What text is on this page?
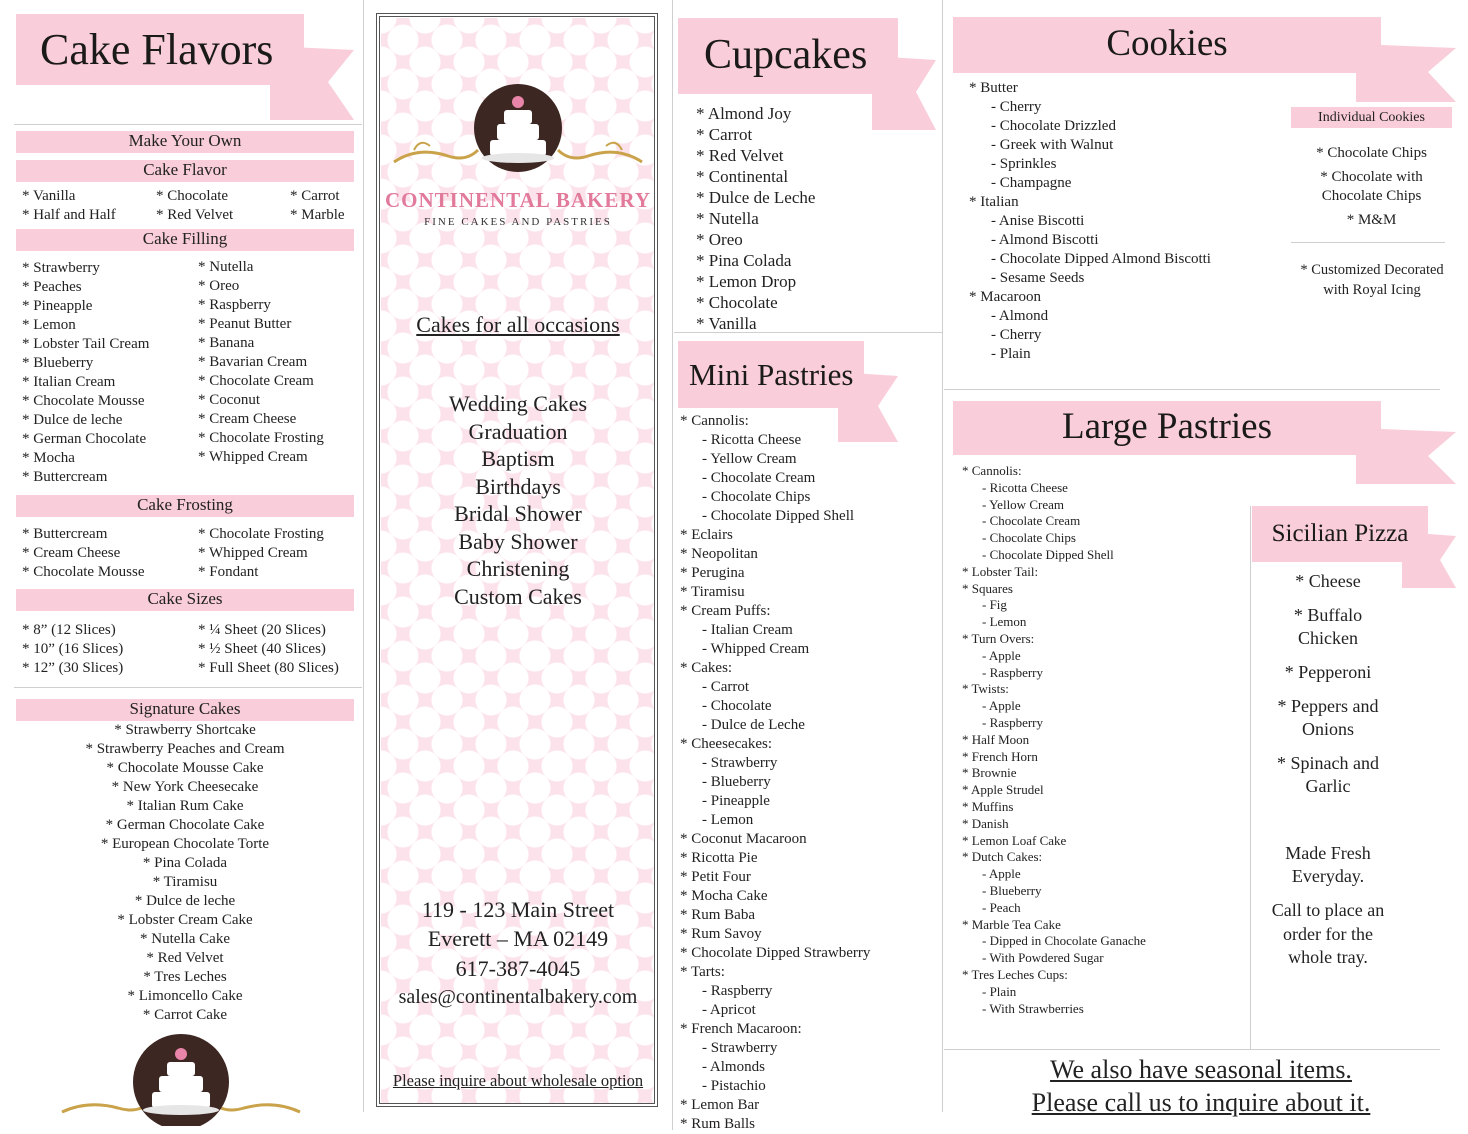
Cake Flavors
Make Your Own
Cake Flavor
* Vanilla
* Half and Half
* Chocolate
* Red Velvet
* Carrot
* Marble
Cake Filling
* Strawberry
* Peaches
* Pineapple
* Lemon
* Lobster Tail Cream
* Blueberry
* Italian Cream
* Chocolate Mousse
* Dulce de leche
* German Chocolate
* Mocha
* Buttercream
* Nutella
* Oreo
* Raspberry
* Peanut Butter
* Banana
* Bavarian Cream
* Chocolate Cream
* Coconut
* Cream Cheese
* Chocolate Frosting
* Whipped Cream
Cake Frosting
* Buttercream
* Cream Cheese
* Chocolate Mousse
* Chocolate Frosting
* Whipped Cream
* Fondant
Cake Sizes
* 8” (12 Slices)
* 10” (16 Slices)
* 12” (30 Slices)
* ¼ Sheet (20 Slices)
* ½ Sheet (40 Slices)
* Full Sheet (80 Slices)
Signature Cakes
* Strawberry Shortcake
* Strawberry Peaches and Cream
* Chocolate Mousse Cake
* New York Cheesecake
* Italian Rum Cake
* German Chocolate Cake
* European Chocolate Torte
* Pina Colada
* Tiramisu
* Dulce de leche
* Lobster Cream Cake
* Nutella Cake
* Red Velvet
* Tres Leches
* Limoncello Cake
* Carrot Cake
CONTINENTAL BAKERY
FINE CAKES AND PASTRIES
Cakes for all occasions
Wedding Cakes
Graduation
Baptism
Birthdays
Bridal Shower
Baby Shower
Christening
Custom Cakes
119 - 123 Main Street
Everett – MA 02149
617-387-4045
sales@continentalbakery.com
Please inquire about wholesale option
Cupcakes
* Almond Joy
* Carrot
* Red Velvet
* Continental
* Dulce de Leche
* Nutella
* Oreo
* Pina Colada
* Lemon Drop
* Chocolate
* Vanilla
Mini Pastries
* Cannolis:
- Ricotta Cheese
- Yellow Cream
- Chocolate Cream
- Chocolate Chips
- Chocolate Dipped Shell
* Eclairs
* Neopolitan
* Perugina
* Tiramisu
* Cream Puffs:
- Italian Cream
- Whipped Cream
* Cakes:
- Carrot
- Chocolate
- Dulce de Leche
* Cheesecakes:
- Strawberry
- Blueberry
- Pineapple
- Lemon
* Coconut Macaroon
* Ricotta Pie
* Petit Four
* Mocha Cake
* Rum Baba
* Rum Savoy
* Chocolate Dipped Strawberry
* Tarts:
- Raspberry
- Apricot
* French Macaroon:
- Strawberry
- Almonds
- Pistachio
* Lemon Bar
* Rum Balls
Cookies
* Butter
- Cherry
- Chocolate Drizzled
- Greek with Walnut
- Sprinkles
- Champagne
* Italian
- Anise Biscotti
- Almond Biscotti
- Chocolate Dipped Almond Biscotti
- Sesame Seeds
* Macaroon
- Almond
- Cherry
- Plain
Individual Cookies
* Chocolate Chips
* Chocolate with
Chocolate Chips
* M&M
* Customized Decorated
with Royal Icing
Large Pastries
* Cannolis:
- Ricotta Cheese
- Yellow Cream
- Chocolate Cream
- Chocolate Chips
- Chocolate Dipped Shell
* Lobster Tail:
* Squares
- Fig
- Lemon
* Turn Overs:
- Apple
- Raspberry
* Twists:
- Apple
- Raspberry
* Half Moon
* French Horn
* Brownie
* Apple Strudel
* Muffins
* Danish
* Lemon Loaf Cake
* Dutch Cakes:
- Apple
- Blueberry
- Peach
* Marble Tea Cake
- Dipped in Chocolate Ganache
- With Powdered Sugar
* Tres Leches Cups:
- Plain
- With Strawberries
Sicilian Pizza
* Cheese
* Buffalo
Chicken
* Pepperoni
* Peppers and
Onions
* Spinach and
Garlic
Made Fresh
Everyday.
Call to place an
order for the
whole tray.
We also have seasonal items.
Please call us to inquire about it.
